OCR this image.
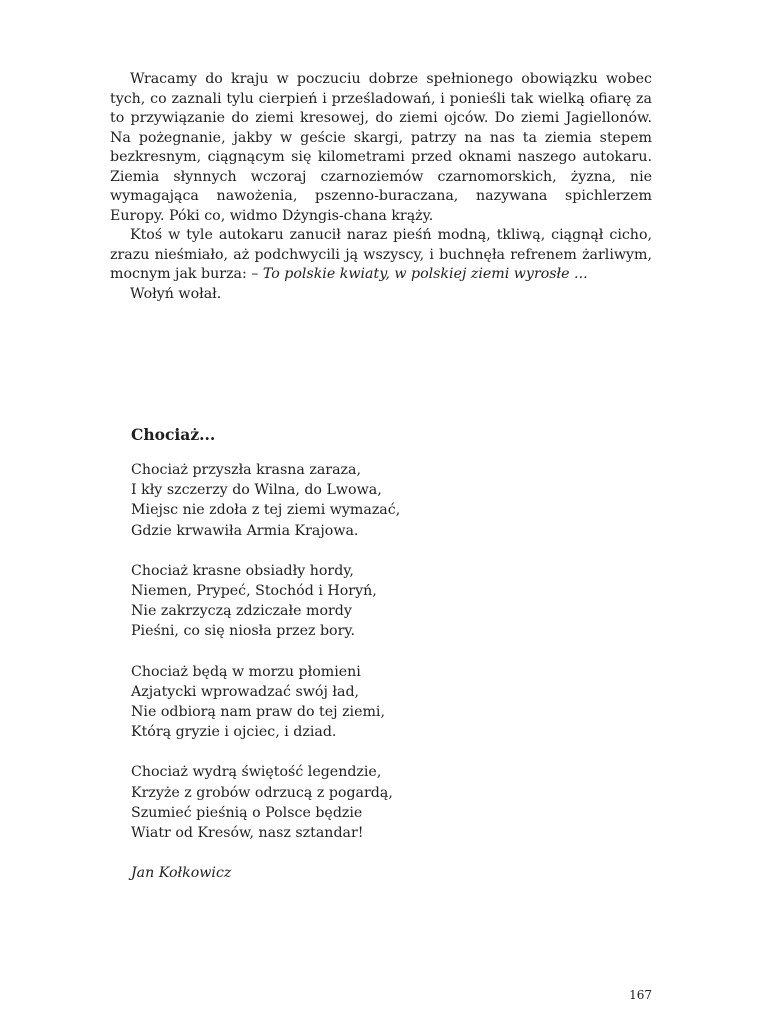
Wracamy do kraju w poczuciu dobrze spełnionego obowiązku wobec tych, co zaznali tylu cierpień i prześladowań, i ponieśli tak wielką ofiarę za to przywiązanie do ziemi kresowej, do ziemi ojców. Do ziemi Jagiellonów. Na pożegnanie, jakby w geście skargi, patrzy na nas ta ziemia stepem bezkresnym, ciągnącym się kilometrami przed oknami naszego autokaru. Ziemia słynnych wczoraj czarnoziemów czarnomorskich, żyzna, nie wymagająca nawożenia, pszenno-buraczana, nazywana spichlerzem Europy. Póki co, widmo Dżyngis-chana krąży.

Ktoś w tyle autokaru zanucił naraz pieśń modną, tkliwą, ciągnął cicho, zrazu nieśmiało, aż podchwycili ją wszyscy, i buchnęła refrenem żarliwym, mocnym jak burza: – To polskie kwiaty, w polskiej ziemi wyrosłe ...

Wołyń wołał.

Chociaż...
Chociaż przyszła krasna zaraza,
I kły szczerzy do Wilna, do Lwowa,
Miejsc nie zdoła z tej ziemi wymazać,
Gdzie krwawiła Armia Krajowa.
Chociaż krasne obsiadły hordy,
Niemen, Prypeć, Stochód i Horyń,
Nie zakrzyczą zdziczałe mordy
Pieśni, co się niosła przez bory.
Chociaż będą w morzu płomieni
Azjatycki wprowadzać swój ład,
Nie odbiorą nam praw do tej ziemi,
Którą gryzie i ojciec, i dziad.
Chociaż wydrą świętość legendzie,
Krzyże z grobów odrzucą z pogardą,
Szumieć pieśnią o Polsce będzie
Wiatr od Kresów, nasz sztandar!

Jan Kołkowicz

167
